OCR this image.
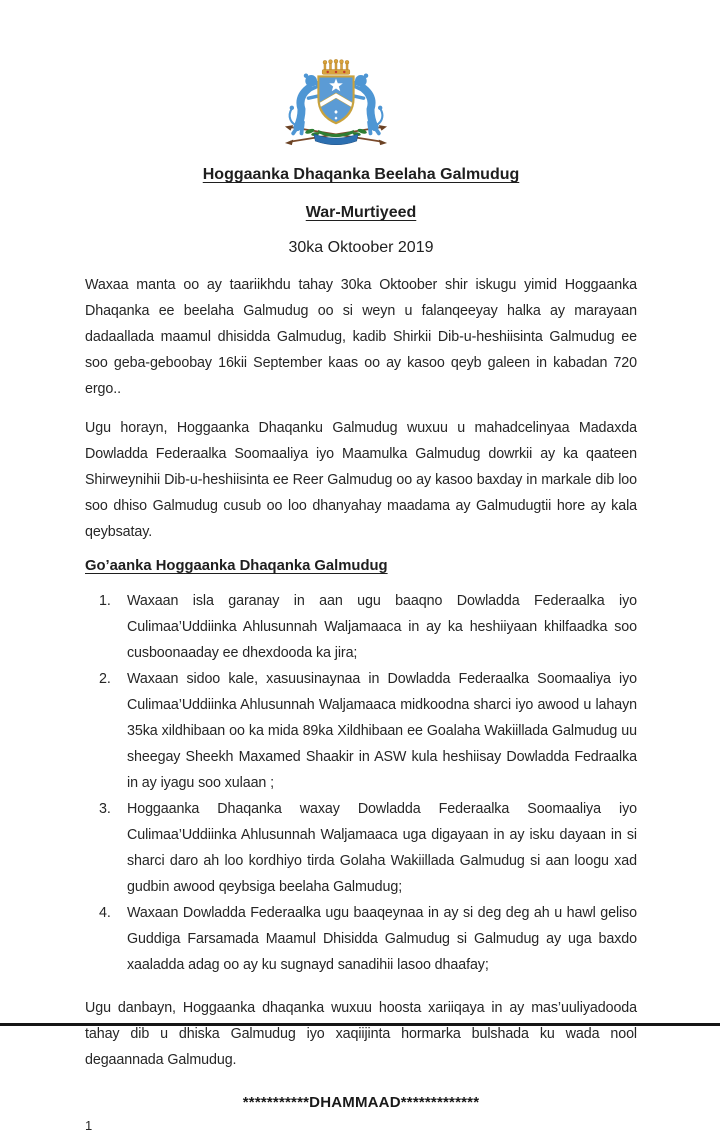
Hoggaanka Dhaqanka Beelaha Galmudug
War-Murtiyeed
30ka Oktoober 2019

Waxaa manta oo ay taariikhdu tahay 30ka Oktoober shir iskugu yimid Hoggaanka Dhaqanka ee beelaha Galmudug oo si weyn u falanqeeyay halka ay marayaan dadaallada maamul dhisidda Galmudug, kadib Shirkii Dib-u-heshiisinta Galmudug ee soo geba-geboobay 16kii September kaas oo ay kasoo qeyb galeen in kabadan 720 ergo..

Ugu horayn, Hoggaanka Dhaqanku Galmudug wuxuu u mahadcelinyaa Madaxda Dowladda Federaalka Soomaaliya iyo Maamulka Galmudug dowrkii ay ka qaateen Shirweynihii Dib-u-heshiisinta ee Reer Galmudug oo ay kasoo baxday in markale dib loo soo dhiso Galmudug cusub oo loo dhanyahay maadama ay Galmudugtii hore ay kala qeybsatay.

Go’aanka Hoggaanka Dhaqanka Galmudug
1.	Waxaan isla garanay in aan ugu baaqno Dowladda Federaalka iyo Culimaa’Uddiinka Ahlusunnah Waljamaaca in ay ka heshiiyaan khilfaadka soo cusboonaaday ee dhexdooda ka jira;
2.	Waxaan sidoo kale, xasuusinaynaa in Dowladda Federaalka Soomaaliya iyo Culimaa’Uddiinka Ahlusunnah Waljamaaca midkoodna sharci iyo awood u lahayn 35ka xildhibaan oo ka mida 89ka Xildhibaan ee Goalaha Wakiillada Galmudug uu sheegay Sheekh Maxamed Shaakir in ASW kula heshiisay Dowladda Fedraalka in ay iyagu soo xulaan ;
3.	Hoggaanka Dhaqanka waxay Dowladda Federaalka Soomaaliya iyo Culimaa’Uddiinka Ahlusunnah Waljamaaca uga digayaan in ay isku dayaan in si sharci daro ah loo kordhiyo tirda Golaha Wakiillada Galmudug si aan loogu xad gudbin awood qeybsiga beelaha Galmudug;
4.	Waxaan Dowladda Federaalka ugu baaqeynaa in ay si deg deg ah u hawl geliso Guddiga Farsamada Maamul Dhisidda Galmudug si Galmudug ay uga baxdo xaaladda adag oo ay ku sugnayd sanadihii lasoo dhaafay;

Ugu danbayn, Hoggaanka dhaqanka wuxuu hoosta xariiqaya in ay mas’uuliyadooda tahay dib u dhiska Galmudug iyo xaqiijinta hormarka bulshada ku wada nool degaannada Galmudug.

***********DHAMMAAD*************
1
